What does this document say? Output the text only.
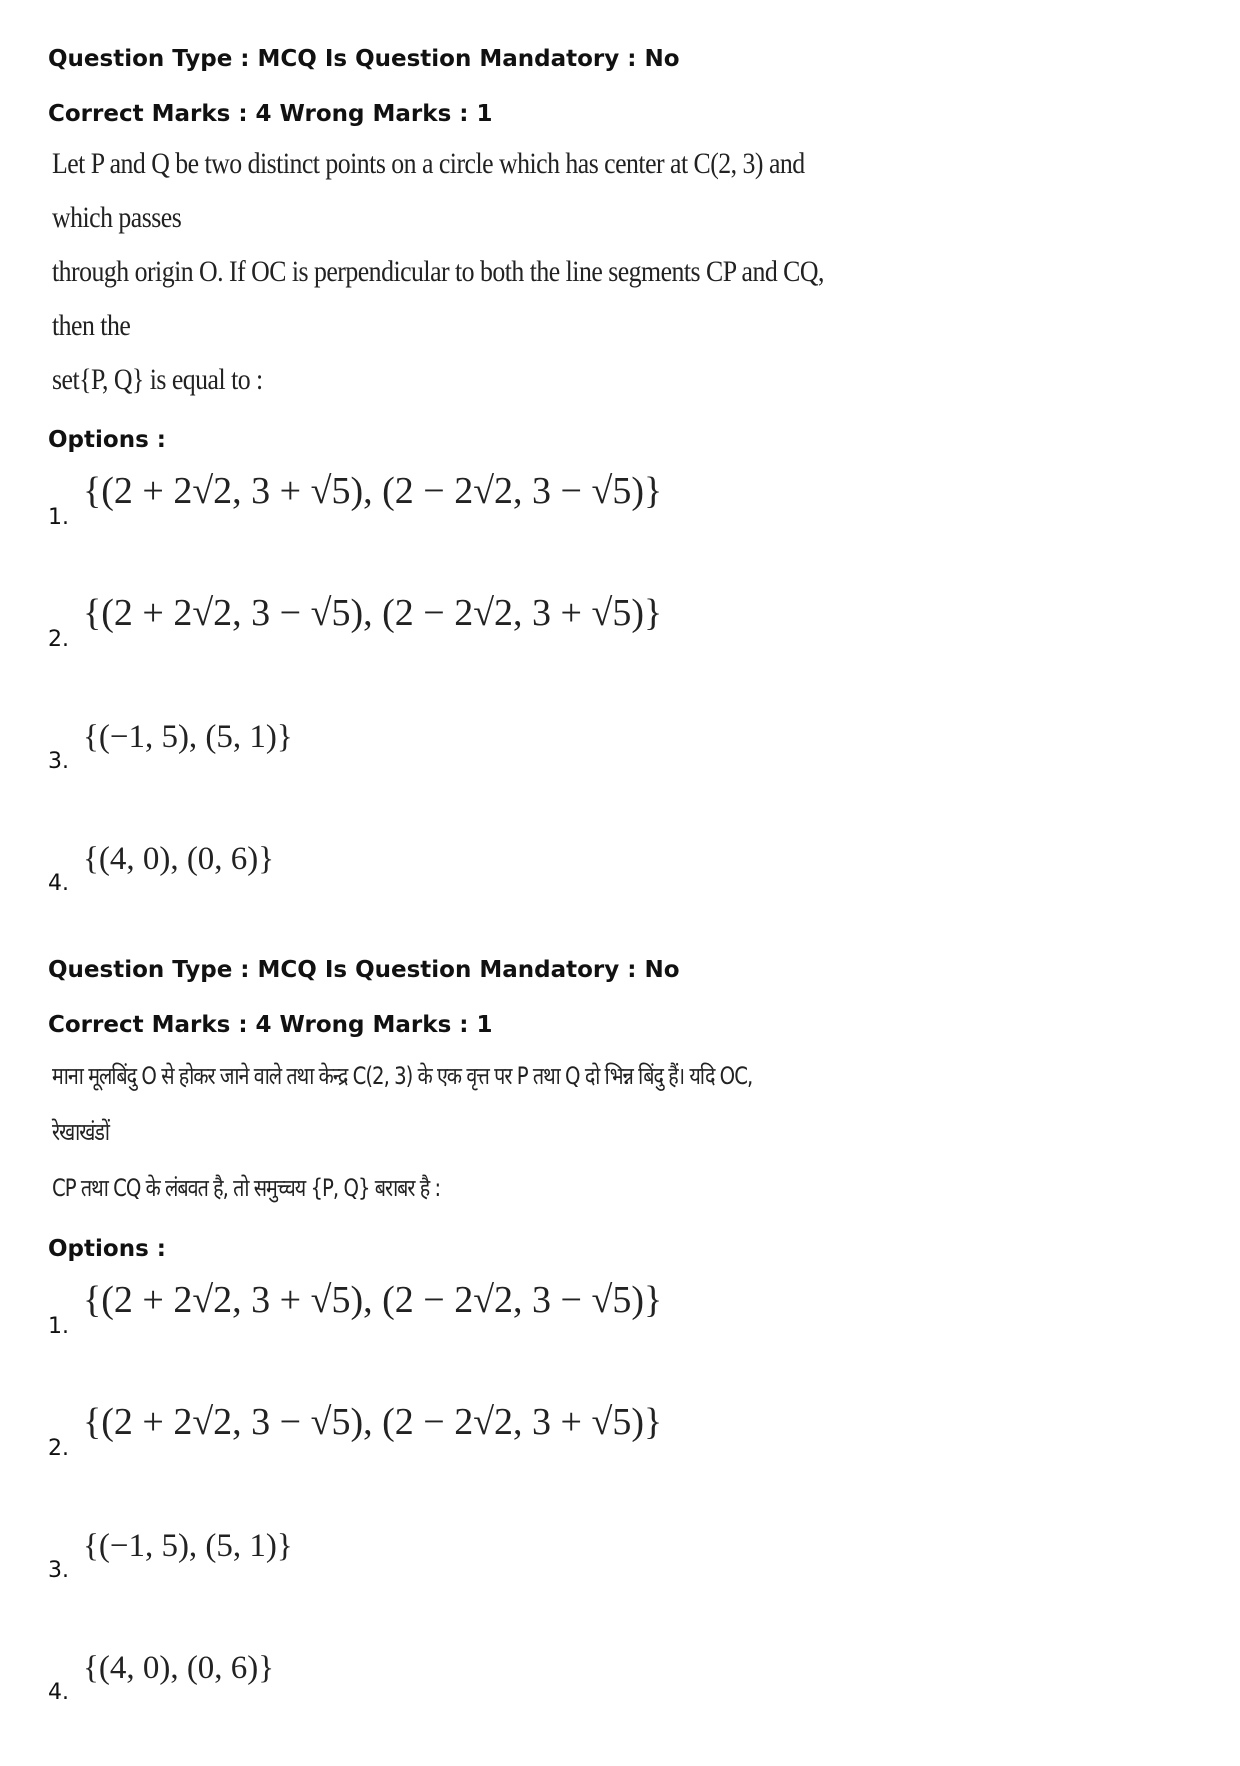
Question Type : MCQ Is Question Mandatory : No
Correct Marks : 4 Wrong Marks : 1
Let P and Q be two distinct points on a circle which has center at C(2, 3) and which passes
through origin O. If OC is perpendicular to both the line segments CP and CQ, then the
set{P, Q} is equal to :
Options :
1.
{(2 + 2√2, 3 + √5), (2 − 2√2, 3 − √5)}
2.
{(2 + 2√2, 3 − √5), (2 − 2√2, 3 + √5)}
3.
{(−1, 5), (5, 1)}
4.
{(4, 0), (0, 6)}
Question Type : MCQ Is Question Mandatory : No
Correct Marks : 4 Wrong Marks : 1
माना मूलबिंदु O से होकर जाने वाले तथा केन्द्र C(2, 3) के एक वृत्त पर P तथा Q दो भिन्न बिंदु हैं। यदि OC, रेखाखंडों
CP तथा CQ के लंबवत है, तो समुच्चय {P, Q} बराबर है :
Options :
1.
{(2 + 2√2, 3 + √5), (2 − 2√2, 3 − √5)}
2.
{(2 + 2√2, 3 − √5), (2 − 2√2, 3 + √5)}
3.
{(−1, 5), (5, 1)}
4.
{(4, 0), (0, 6)}
